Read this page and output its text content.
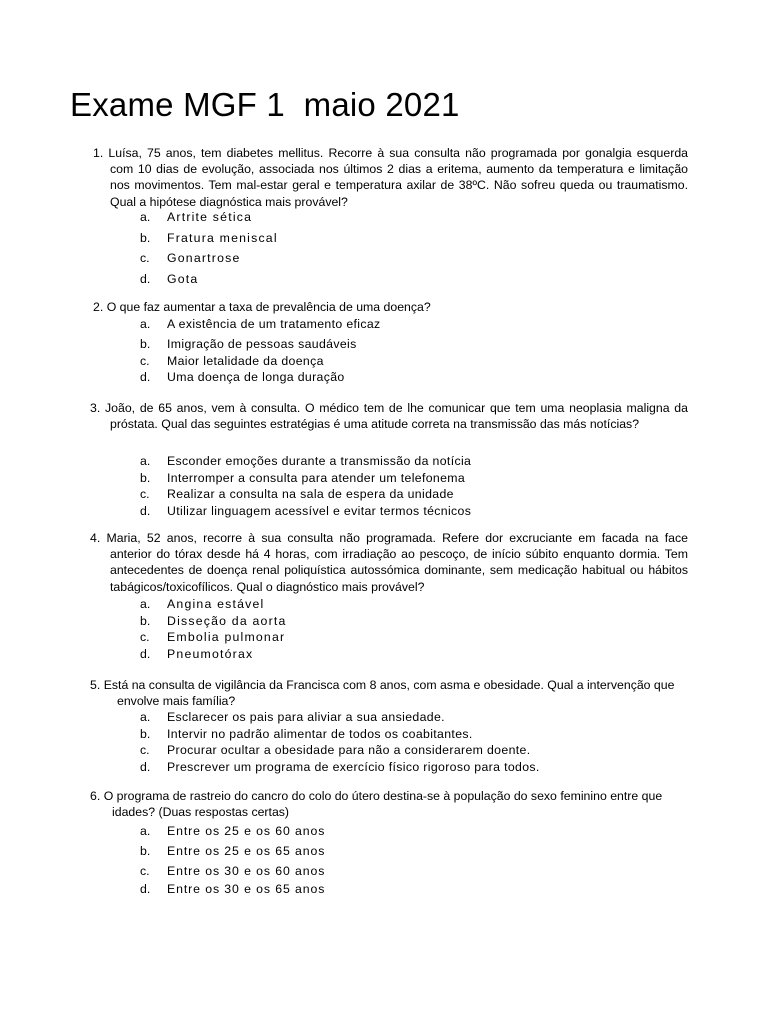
Exame MGF 1  maio 2021
1. Luísa, 75 anos, tem diabetes mellitus. Recorre à sua consulta não programada por gonalgia esquerda com 10 dias de evolução, associada nos últimos 2 dias a eritema, aumento da temperatura e limitação nos movimentos. Tem mal-estar geral e temperatura axilar de 38ºC. Não sofreu queda ou traumatismo. Qual a hipótese diagnóstica mais provável?
a. Artrite sética
b. Fratura meniscal
c. Gonartrose
d. Gota
2. O que faz aumentar a taxa de prevalência de uma doença?
a. A existência de um tratamento eficaz
b. Imigração de pessoas saudáveis
c. Maior letalidade da doença
d. Uma doença de longa duração
3. João, de 65 anos, vem à consulta. O médico tem de lhe comunicar que tem uma neoplasia maligna da próstata. Qual das seguintes estratégias é uma atitude correta na transmissão das más notícias?
a. Esconder emoções durante a transmissão da notícia
b. Interromper a consulta para atender um telefonema
c. Realizar a consulta na sala de espera da unidade
d. Utilizar linguagem acessível e evitar termos técnicos
4. Maria, 52 anos, recorre à sua consulta não programada. Refere dor excruciante em facada na face anterior do tórax desde há 4 horas, com irradiação ao pescoço, de início súbito enquanto dormia. Tem antecedentes de doença renal poliquística autossómica dominante, sem medicação habitual ou hábitos tabágicos/toxicofílicos. Qual o diagnóstico mais provável?
a. Angina estável
b. Disseção da aorta
c. Embolia pulmonar
d. Pneumotórax
5. Está na consulta de vigilância da Francisca com 8 anos, com asma e obesidade. Qual a intervenção que envolve mais família?
a. Esclarecer os pais para aliviar a sua ansiedade.
b. Intervir no padrão alimentar de todos os coabitantes.
c. Procurar ocultar a obesidade para não a considerarem doente.
d. Prescrever um programa de exercício físico rigoroso para todos.
6. O programa de rastreio do cancro do colo do útero destina-se à população do sexo feminino entre que idades? (Duas respostas certas)
a. Entre os 25 e os 60 anos
b. Entre os 25 e os 65 anos
c. Entre os 30 e os 60 anos
d. Entre os 30 e os 65 anos
